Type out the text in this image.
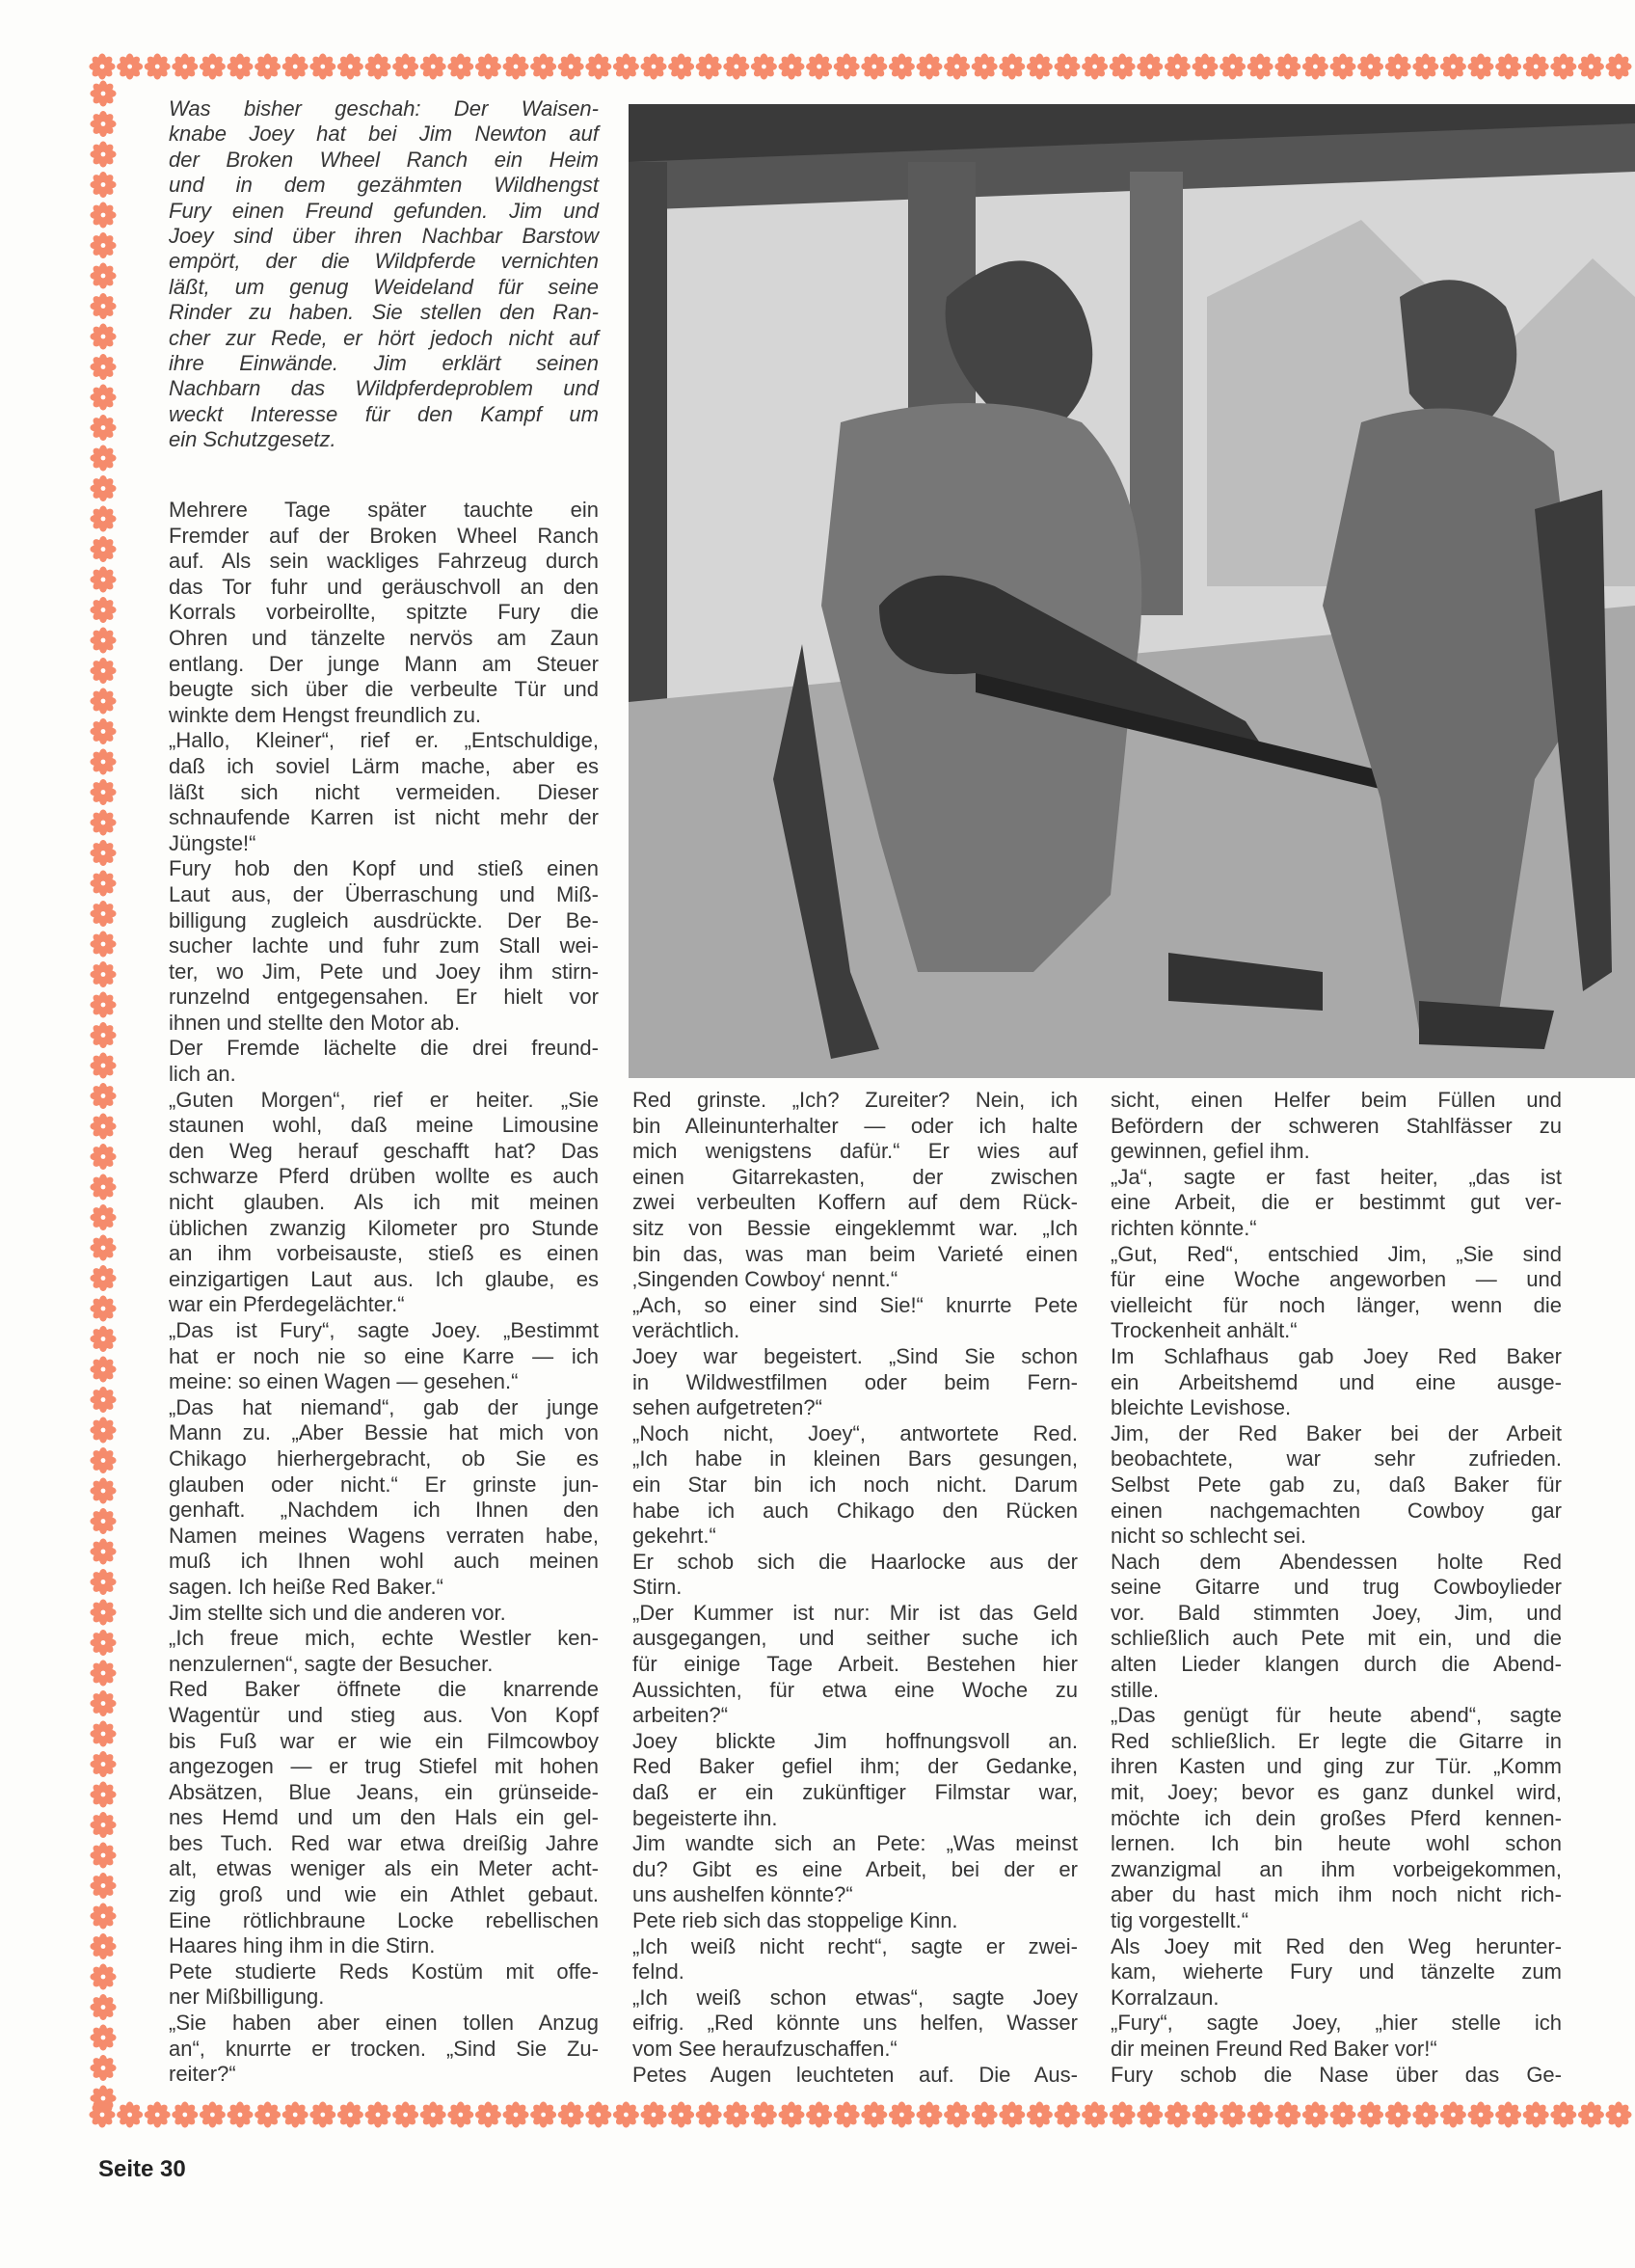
Was bisher geschah: Der Waisen-
knabe Joey hat bei Jim Newton auf
der Broken Wheel Ranch ein Heim
und in dem gezähmten Wildhengst
Fury einen Freund gefunden. Jim und
Joey sind über ihren Nachbar Barstow
empört, der die Wildpferde vernichten
läßt, um genug Weideland für seine
Rinder zu haben. Sie stellen den Ran-
cher zur Rede, er hört jedoch nicht auf
ihre Einwände. Jim erklärt seinen
Nachbarn das Wildpferdeproblem und
weckt Interesse für den Kampf um
ein Schutzgesetz.
Mehrere Tage später tauchte ein
Fremder auf der Broken Wheel Ranch
auf. Als sein wackliges Fahrzeug durch
das Tor fuhr und geräuschvoll an den
Korrals vorbeirollte, spitzte Fury die
Ohren und tänzelte nervös am Zaun
entlang. Der junge Mann am Steuer
beugte sich über die verbeulte Tür und
winkte dem Hengst freundlich zu.
„Hallo, Kleiner“, rief er. „Entschuldige,
daß ich soviel Lärm mache, aber es
läßt sich nicht vermeiden. Dieser
schnaufende Karren ist nicht mehr der
Jüngste!“
Fury hob den Kopf und stieß einen
Laut aus, der Überraschung und Miß-
billigung zugleich ausdrückte. Der Be-
sucher lachte und fuhr zum Stall wei-
ter, wo Jim, Pete und Joey ihm stirn-
runzelnd entgegensahen. Er hielt vor
ihnen und stellte den Motor ab.
Der Fremde lächelte die drei freund-
lich an.
„Guten Morgen“, rief er heiter. „Sie
staunen wohl, daß meine Limousine
den Weg herauf geschafft hat? Das
schwarze Pferd drüben wollte es auch
nicht glauben. Als ich mit meinen
üblichen zwanzig Kilometer pro Stunde
an ihm vorbeisauste, stieß es einen
einzigartigen Laut aus. Ich glaube, es
war ein Pferdegelächter.“
„Das ist Fury“, sagte Joey. „Bestimmt
hat er noch nie so eine Karre — ich
meine: so einen Wagen — gesehen.“
„Das hat niemand“, gab der junge
Mann zu. „Aber Bessie hat mich von
Chikago hierhergebracht, ob Sie es
glauben oder nicht.“ Er grinste jun-
genhaft. „Nachdem ich Ihnen den
Namen meines Wagens verraten habe,
muß ich Ihnen wohl auch meinen
sagen. Ich heiße Red Baker.“
Jim stellte sich und die anderen vor.
„Ich freue mich, echte Westler ken-
nenzulernen“, sagte der Besucher.
Red Baker öffnete die knarrende
Wagentür und stieg aus. Von Kopf
bis Fuß war er wie ein Filmcowboy
angezogen — er trug Stiefel mit hohen
Absätzen, Blue Jeans, ein grünseide-
nes Hemd und um den Hals ein gel-
bes Tuch. Red war etwa dreißig Jahre
alt, etwas weniger als ein Meter acht-
zig groß und wie ein Athlet gebaut.
Eine rötlichbraune Locke rebellischen
Haares hing ihm in die Stirn.
Pete studierte Reds Kostüm mit offe-
ner Mißbilligung.
„Sie haben aber einen tollen Anzug
an“, knurrte er trocken. „Sind Sie Zu-
reiter?“
Red grinste. „Ich? Zureiter? Nein, ich
bin Alleinunterhalter — oder ich halte
mich wenigstens dafür.“ Er wies auf
einen Gitarrekasten, der zwischen
zwei verbeulten Koffern auf dem Rück-
sitz von Bessie eingeklemmt war. „Ich
bin das, was man beim Varieté einen
‚Singenden Cowboy‘ nennt.“
„Ach, so einer sind Sie!“ knurrte Pete
verächtlich.
Joey war begeistert. „Sind Sie schon
in Wildwestfilmen oder beim Fern-
sehen aufgetreten?“
„Noch nicht, Joey“, antwortete Red.
„Ich habe in kleinen Bars gesungen,
ein Star bin ich noch nicht. Darum
habe ich auch Chikago den Rücken
gekehrt.“
Er schob sich die Haarlocke aus der
Stirn.
„Der Kummer ist nur: Mir ist das Geld
ausgegangen, und seither suche ich
für einige Tage Arbeit. Bestehen hier
Aussichten, für etwa eine Woche zu
arbeiten?“
Joey blickte Jim hoffnungsvoll an.
Red Baker gefiel ihm; der Gedanke,
daß er ein zukünftiger Filmstar war,
begeisterte ihn.
Jim wandte sich an Pete: „Was meinst
du? Gibt es eine Arbeit, bei der er
uns aushelfen könnte?“
Pete rieb sich das stoppelige Kinn.
„Ich weiß nicht recht“, sagte er zwei-
felnd.
„Ich weiß schon etwas“, sagte Joey
eifrig. „Red könnte uns helfen, Wasser
vom See heraufzuschaffen.“
Petes Augen leuchteten auf. Die Aus-
sicht, einen Helfer beim Füllen und
Befördern der schweren Stahlfässer zu
gewinnen, gefiel ihm.
„Ja“, sagte er fast heiter, „das ist
eine Arbeit, die er bestimmt gut ver-
richten könnte.“
„Gut, Red“, entschied Jim, „Sie sind
für eine Woche angeworben — und
vielleicht für noch länger, wenn die
Trockenheit anhält.“
Im Schlafhaus gab Joey Red Baker
ein Arbeitshemd und eine ausge-
bleichte Levishose.
Jim, der Red Baker bei der Arbeit
beobachtete, war sehr zufrieden.
Selbst Pete gab zu, daß Baker für
einen nachgemachten Cowboy gar
nicht so schlecht sei.
Nach dem Abendessen holte Red
seine Gitarre und trug Cowboylieder
vor. Bald stimmten Joey, Jim, und
schließlich auch Pete mit ein, und die
alten Lieder klangen durch die Abend-
stille.
„Das genügt für heute abend“, sagte
Red schließlich. Er legte die Gitarre in
ihren Kasten und ging zur Tür. „Komm
mit, Joey; bevor es ganz dunkel wird,
möchte ich dein großes Pferd kennen-
lernen. Ich bin heute wohl schon
zwanzigmal an ihm vorbeigekommen,
aber du hast mich ihm noch nicht rich-
tig vorgestellt.“
Als Joey mit Red den Weg herunter-
kam, wieherte Fury und tänzelte zum
Korralzaun.
„Fury“, sagte Joey, „hier stelle ich
dir meinen Freund Red Baker vor!“
Fury schob die Nase über das Ge-
Seite 30
